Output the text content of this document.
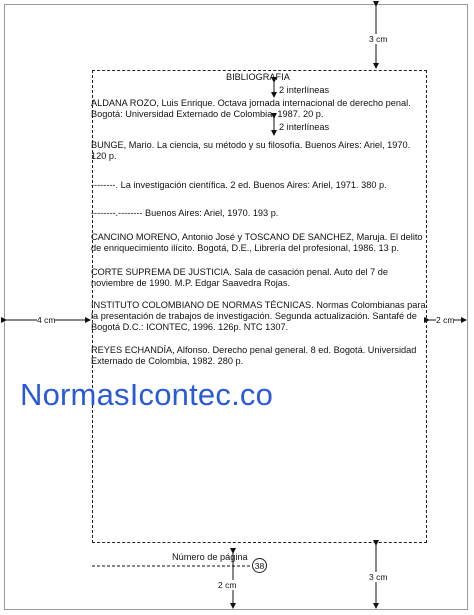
BIBLIOGRAFIA
2 interlíneas
2 interlíneas
ALDANA ROZO, Luis Enrique. Octava jornada internacional de derecho penal.
Bogotá: Universidad Externado de Colombia, 1987. 20 p.
BUNGE, Mario. La ciencia, su método y su filosofía. Buenos Aires: Ariel, 1970.
120 p.
--------. La investigación científica. 2 ed. Buenos Aires: Ariel, 1971. 380 p.
--------.-------- Buenos Aires: Ariel, 1970. 193 p.
CANCINO MORENO, Antonio José y TOSCANO DE SANCHEZ, Maruja. El delito
de enriquecimiento ilícito. Bogotá, D.E., Librería del profesional, 1986. 13 p.
CORTE SUPREMA DE JUSTICIA. Sala de casación penal. Auto del 7 de
noviembre de 1990. M.P. Edgar Saavedra Rojas.
INSTITUTO COLOMBIANO DE NORMAS TÉCNICAS. Normas Colombianas para
la presentación de trabajos de investigación. Segunda actualización. Santafé de
Bogotá D.C.: ICONTEC, 1996. 126p. NTC 1307.
REYES ECHANDÍA, Alfonso. Derecho penal general. 8 ed. Bogotá. Universidad
Externado de Colombia, 1982. 280 p.
NormasIcontec.co
3 cm
4 cm	2 cm
3 cm
2 cm
Número de página
38
